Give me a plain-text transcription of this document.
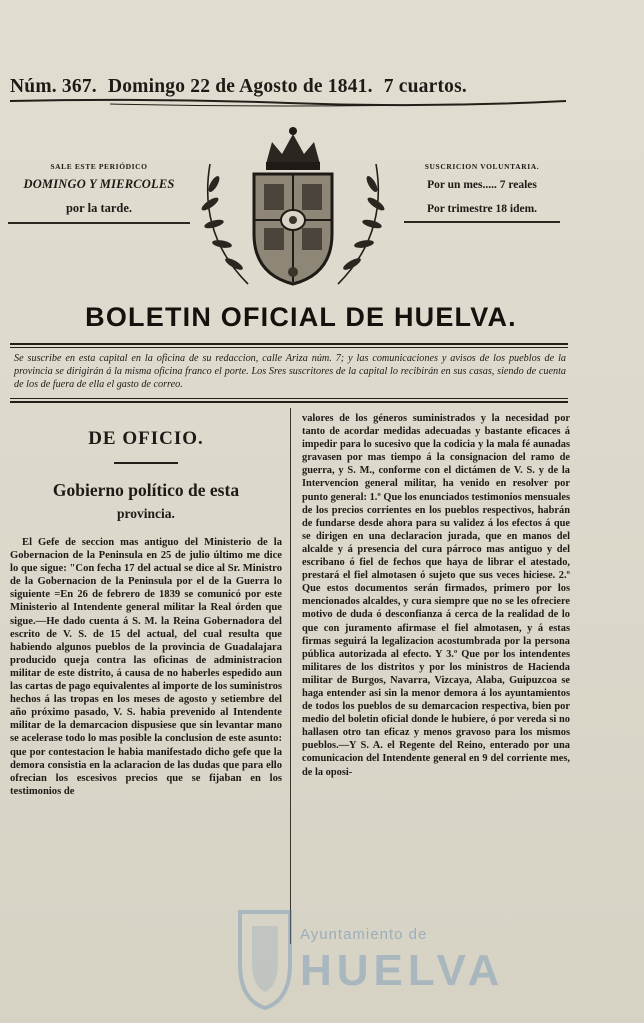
Núm. 367. Domingo 22 de Agosto de 1841. 7 cuartos.
SALE ESTE PERIÓDICO
DOMINGO Y MIERCOLES
por la tarde.
SUSCRICION VOLUNTARIA.
Por un mes..... 7 reales
Por trimestre 18 idem.
BOLETIN OFICIAL DE HUELVA.
Se suscribe en esta capital en la oficina de su redaccion, calle Ariza núm. 7; y las comunicaciones y avisos de los pueblos de la provincia se dirigirán á la misma oficina franco el porte. Los Sres suscritores de la capital lo recibirán en sus casas, siendo de cuenta de los de fuera de ella el gasto de correo.
DE OFICIO.
Gobierno político de esta
provincia.

El Gefe de seccion mas antiguo del Ministerio de la Gobernacion de la Peninsula en 25 de julio último me dice lo que sigue: "Con fecha 17 del actual se dice al Sr. Ministro de la Gobernacion de la Peninsula por el de la Guerra lo siguiente =En 26 de febrero de 1839 se comunicó por este Ministerio al Intendente general militar la Real órden que sigue.—He dado cuenta á S. M. la Reina Gobernadora del escrito de V. S. de 15 del actual, del cual resulta que habiendo algunos pueblos de la provincia de Guadalajara producido queja contra las oficinas de administracion militar de este distrito, á causa de no haberles espedido aun las cartas de pago equivalentes al importe de los suministros hechos á las tropas en los meses de agosto y setiembre del año próximo pasado, V. S. habia prevenido al Intendente militar de la demarcacion dispusiese que sin levantar mano se acelerase todo lo mas posible la conclusion de este asunto: que por contestacion le habia manifestado dicho gefe que la demora consistia en la aclaracion de las dudas que para ello ofrecian los escesivos precios que se fijaban en los testimonios de

valores de los géneros suministrados y la necesidad por tanto de acordar medidas adecuadas y bastante eficaces á impedir para lo sucesivo que la codicia y la mala fé aunadas gravasen por mas tiempo á la consignacion del ramo de guerra, y S. M., conforme con el dictámen de V. S. y de la Intervencion general militar, ha venido en resolver por punto general: 1.º Que los enunciados testimonios mensuales de los precios corrientes en los pueblos respectivos, habrán de fundarse desde ahora para su validez á los efectos á que se dirigen en una declaracion jurada, que en manos del alcalde y á presencia del cura párroco mas antiguo y del escribano ó fiel de fechos que haya de librar el atestado, prestará el fiel almotasen ó sujeto que sus veces hiciese. 2.º Que estos documentos serán firmados, primero por los mencionados alcaldes, y cura siempre que no se les ofreciere motivo de duda ó desconfianza á cerca de la realidad de lo que con juramento afirmase el fiel almotasen, y á estas firmas seguirá la legalizacion acostumbrada por la persona pública autorizada al efecto. Y 3.º Que por los intendentes militares de los distritos y por los ministros de Hacienda militar de Burgos, Navarra, Vizcaya, Alaba, Guipuzcoa se haga entender asi sin la menor demora á los ayuntamientos de todos los pueblos de su demarcacion respectiva, bien por medio del boletin oficial donde le hubiere, ó por vereda si no hallasen otro tan eficaz y menos gravoso para los mismos pueblos.—Y S. A. el Regente del Reino, enterado por una comunicacion del Intendente general en 9 del corriente mes, de la oposi-

Ayuntamiento de
HUELVA
